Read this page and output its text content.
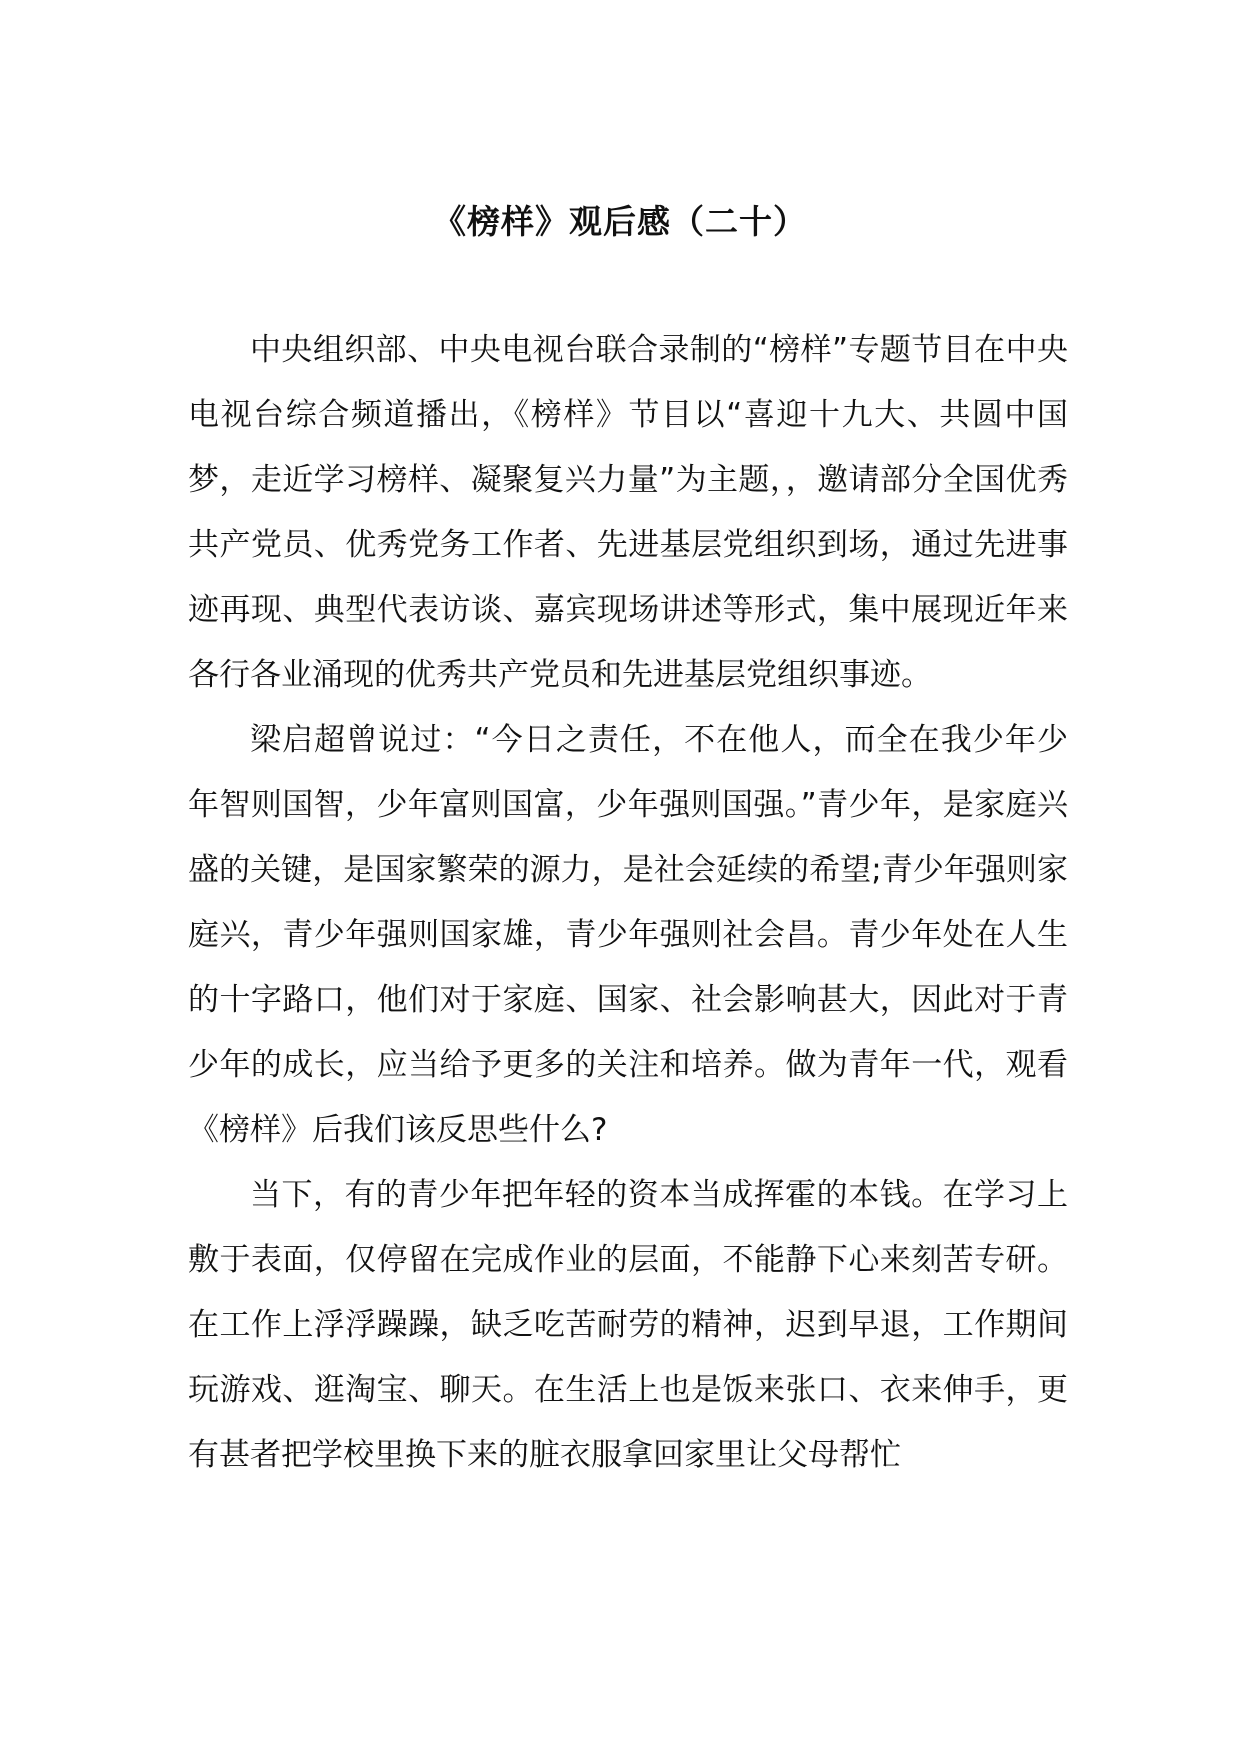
《榜样》观后感（二十）

中央组织部、中央电视台联合录制的“榜样”专题节目在中央电视台综合频道播出，《榜样》节目以“喜迎十九大、共圆中国梦，走近学习榜样、凝聚复兴力量”为主题，，邀请部分全国优秀共产党员、优秀党务工作者、先进基层党组织到场，通过先进事迹再现、典型代表访谈、嘉宾现场讲述等形式，集中展现近年来各行各业涌现的优秀共产党员和先进基层党组织事迹。

梁启超曾说过：“今日之责任，不在他人，而全在我少年少年智则国智，少年富则国富，少年强则国强。”青少年，是家庭兴盛的关键，是国家繁荣的源力，是社会延续的希望;青少年强则家庭兴，青少年强则国家雄，青少年强则社会昌。青少年处在人生的十字路口，他们对于家庭、国家、社会影响甚大，因此对于青少年的成长，应当给予更多的关注和培养。做为青年一代，观看《榜样》后我们该反思些什么?

当下，有的青少年把年轻的资本当成挥霍的本钱。在学习上敷于表面，仅停留在完成作业的层面，不能静下心来刻苦专研。在工作上浮浮躁躁，缺乏吃苦耐劳的精神，迟到早退，工作期间玩游戏、逛淘宝、聊天。在生活上也是饭来张口、衣来伸手，更有甚者把学校里换下来的脏衣服拿回家里让父母帮忙
